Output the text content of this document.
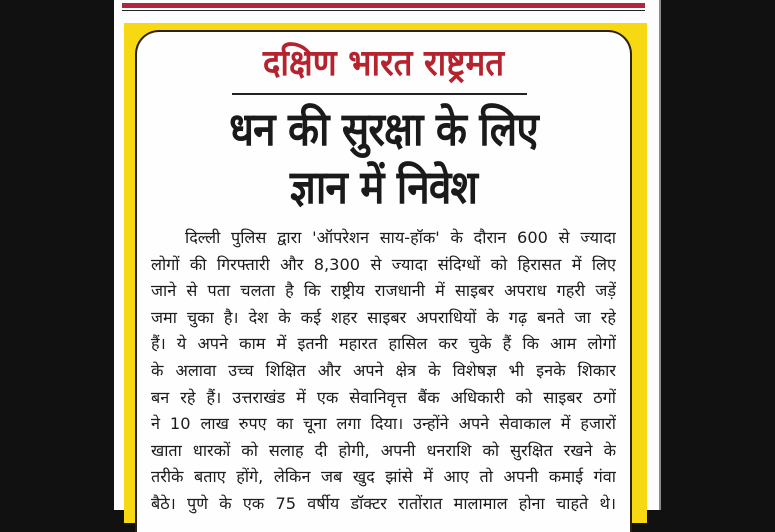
दक्षिण भारत राष्ट्रमत
धन की सुरक्षा के लिए
ज्ञान में निवेश
दिल्ली पुलिस द्वारा 'ऑपरेशन साय-हॉक' के दौरान 600 से ज्यादा
लोगों की गिरफ्तारी और 8,300 से ज्यादा संदिग्धों को हिरासत में लिए
जाने से पता चलता है कि राष्ट्रीय राजधानी में साइबर अपराध गहरी जड़ें
जमा चुका है। देश के कई शहर साइबर अपराधियों के गढ़ बनते जा रहे
हैं। ये अपने काम में इतनी महारत हासिल कर चुके हैं कि आम लोगों
के अलावा उच्च शिक्षित और अपने क्षेत्र के विशेषज्ञ भी इनके शिकार
बन रहे हैं। उत्तराखंड में एक सेवानिवृत्त बैंक अधिकारी को साइबर ठगों
ने 10 लाख रुपए का चूना लगा दिया। उन्होंने अपने सेवाकाल में हजारों
खाता धारकों को सलाह दी होगी, अपनी धनराशि को सुरक्षित रखने के
तरीके बताए होंगे, लेकिन जब खुद झांसे में आए तो अपनी कमाई गंवा
बैठे। पुणे के एक 75 वर्षीय डॉक्टर रातोंरात मालामाल होना चाहते थे।
